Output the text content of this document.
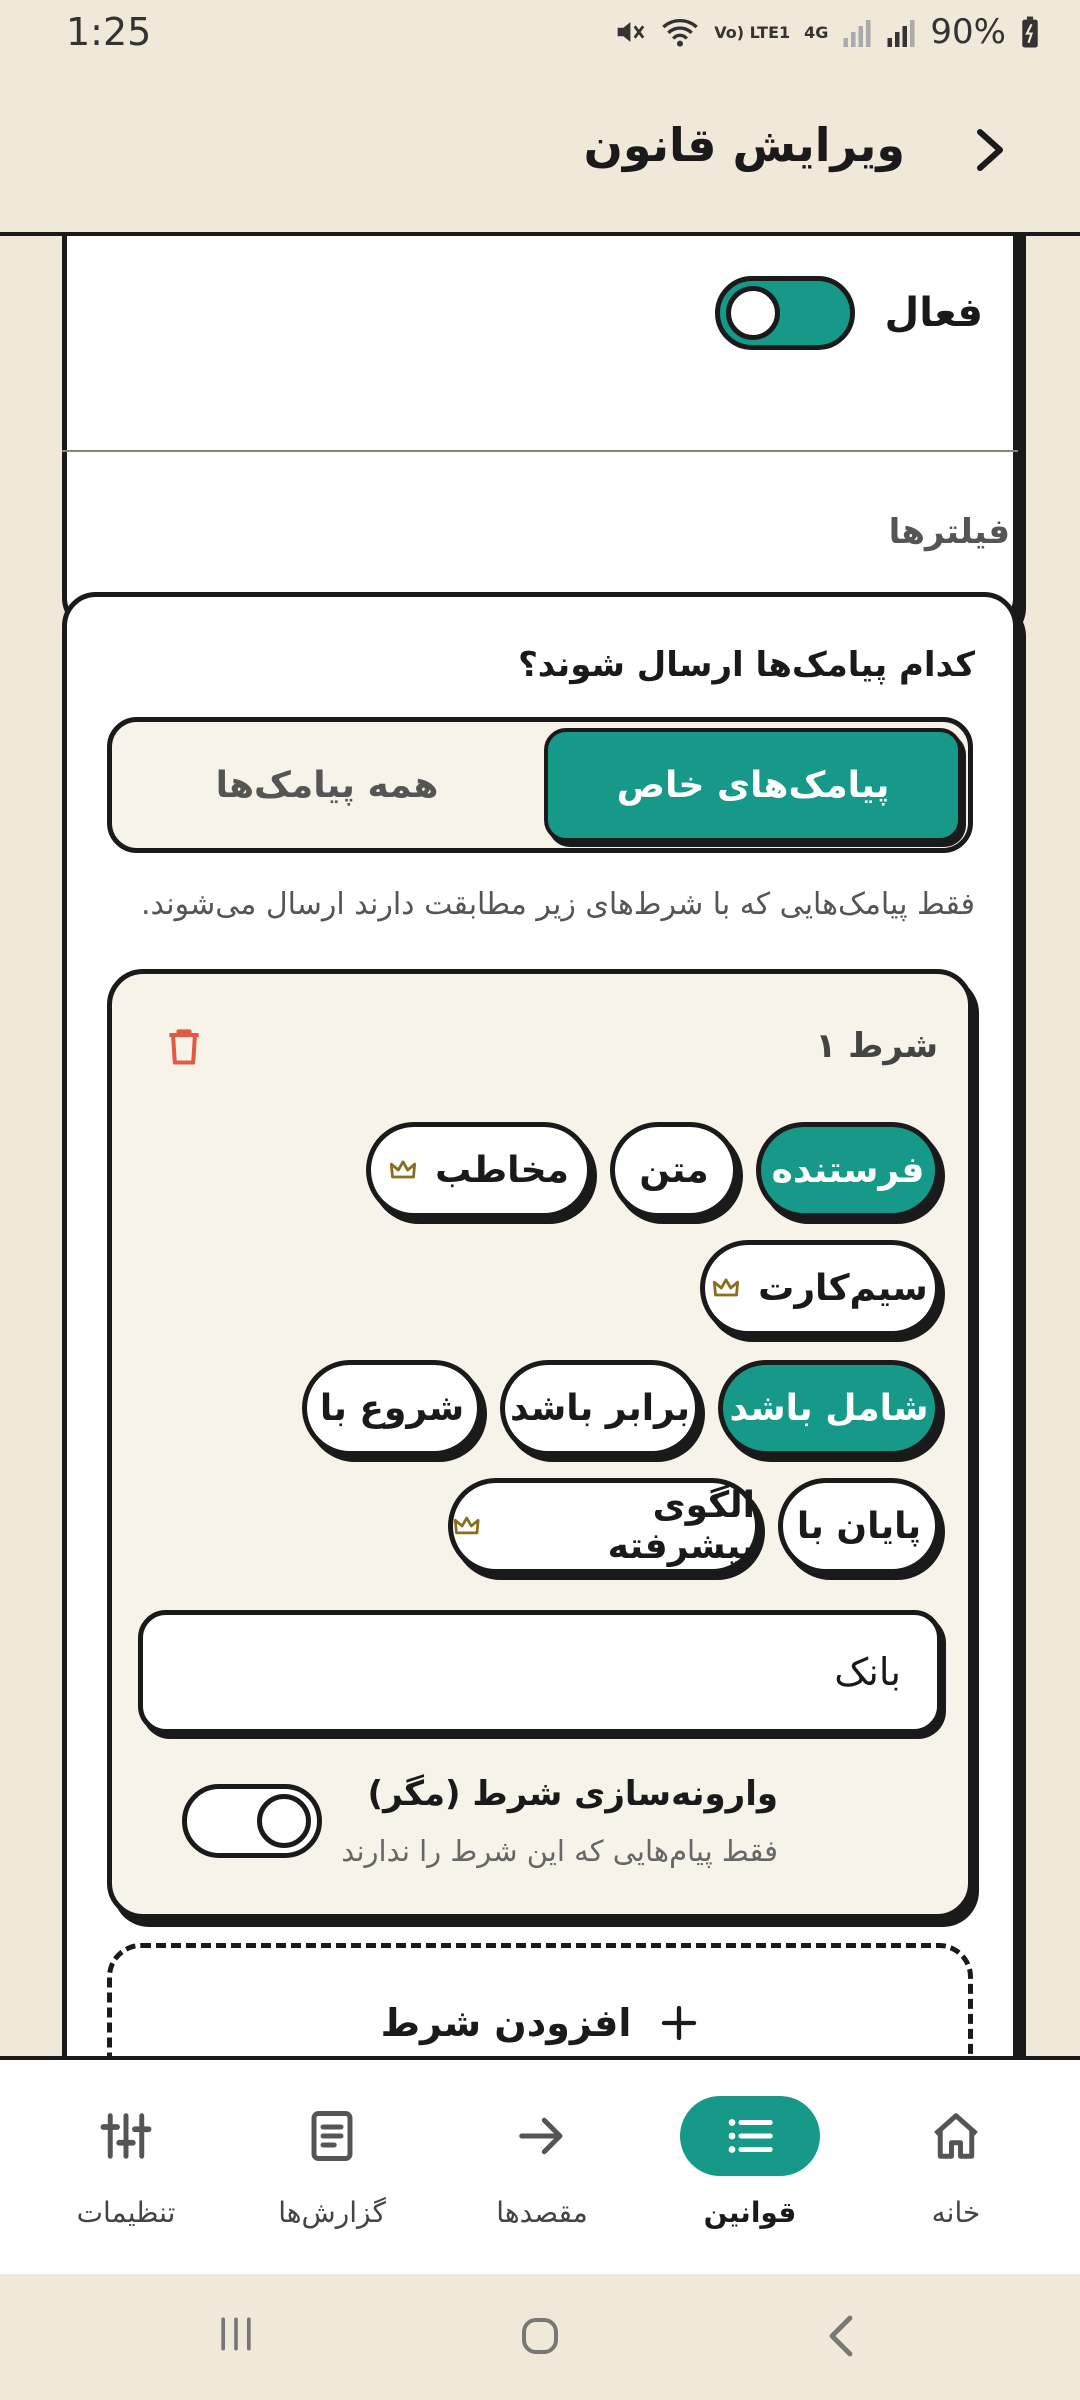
1:25	Vo) LTE1 4G	90%
ویرایش قانون
فعال
فیلترها
کدام پیامک‌ها ارسال شوند؟
همه پیامک‌ها	پیامک‌های خاص
فقط پیامک‌هایی که با شرط‌های زیر مطابقت دارند ارسال می‌شوند.
شرط ۱
فرستنده
متن
مخاطب
سیم‌کارت
شامل باشد
برابر باشد
شروع با
پایان با
الگوی پیشرفته
بانک
وارونه‌سازی شرط (مگر)
فقط پیام‌هایی که این شرط را ندارند
افزودن شرط
خانه
قوانین
مقصدها
گزارش‌ها
تنظیمات
